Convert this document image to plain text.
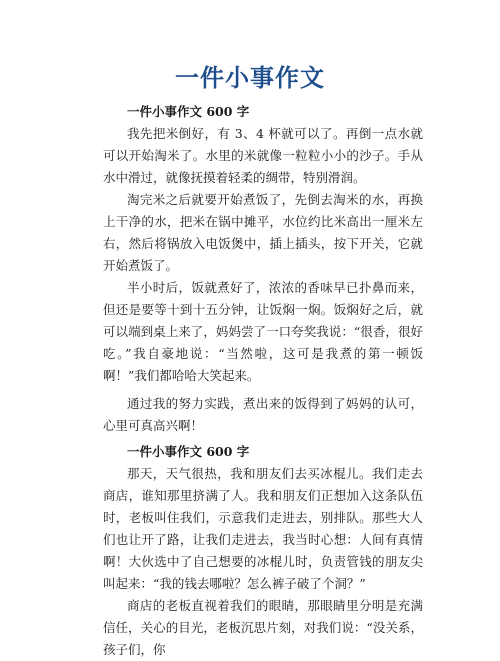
一件小事作文

一件小事作文 600 字

我先把米倒好，有 3、4 杯就可以了。再倒一点水就可以开始淘米了。水里的米就像一粒粒小小的沙子。手从水中滑过，就像抚摸着轻柔的绸带，特别滑润。

淘完米之后就要开始煮饭了，先倒去淘米的水，再换上干净的水，把米在锅中摊平，水位约比米高出一厘米左右，然后将锅放入电饭煲中，插上插头，按下开关，它就开始煮饭了。

半小时后，饭就煮好了，浓浓的香味早已扑鼻而来，但还是要等十到十五分钟，让饭焖一焖。饭焖好之后，就可以端到桌上来了，妈妈尝了一口夸奖我说：“很香，很好吃。”我自豪地说：“当然啦，这可是我煮的第一顿饭啊！”我们都哈哈大笑起来。

通过我的努力实践，煮出来的饭得到了妈妈的认可，心里可真高兴啊！

一件小事作文 600 字

那天，天气很热，我和朋友们去买冰棍儿。我们走去商店，谁知那里挤满了人。我和朋友们正想加入这条队伍时，老板叫住我们，示意我们走进去，别排队。那些大人们也让开了路，让我们走进去，我当时心想：人间有真情啊！大伙选中了自己想要的冰棍儿时，负责管钱的朋友尖叫起来：“我的钱去哪啦？怎么裤子破了个洞？”

商店的老板直视着我们的眼睛，那眼睛里分明是充满信任，关心的目光，老板沉思片刻，对我们说：“没关系，孩子们，你
